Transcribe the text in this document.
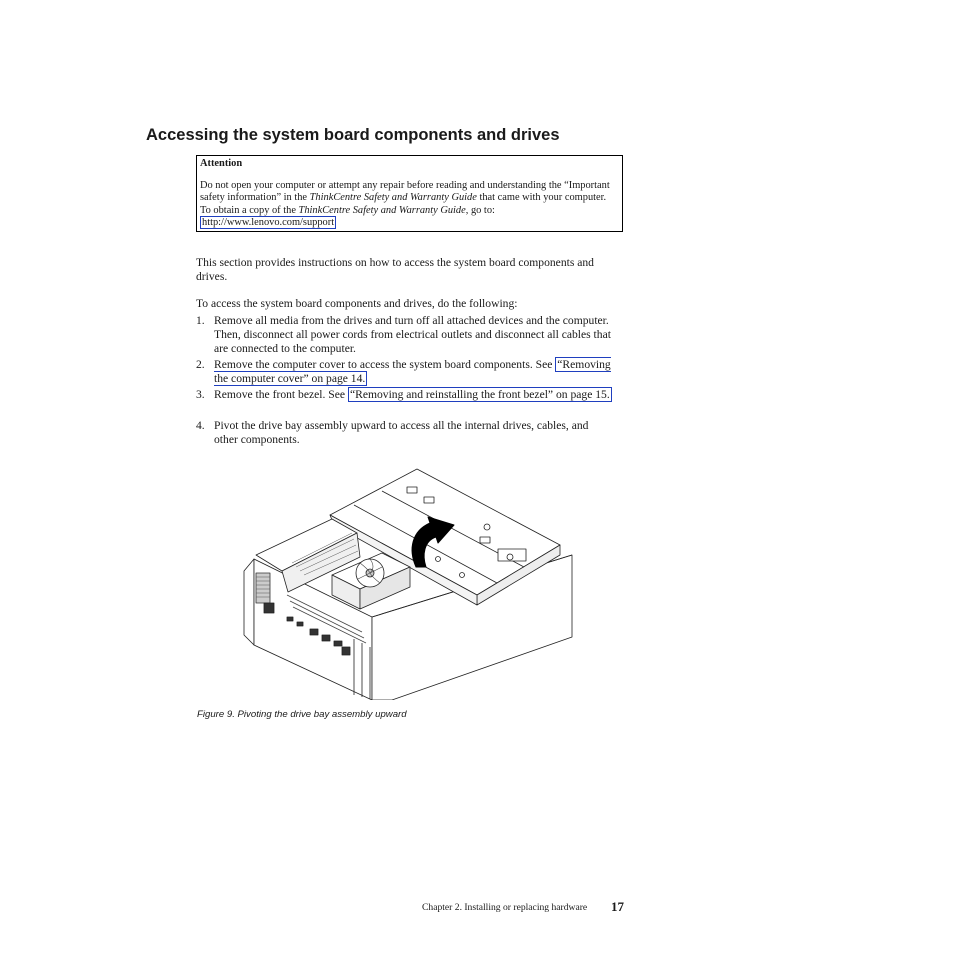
Accessing the system board components and drives
Attention
Do not open your computer or attempt any repair before reading and understanding the “Important safety information” in the ThinkCentre Safety and Warranty Guide that came with your computer. To obtain a copy of the ThinkCentre Safety and Warranty Guide, go to: http://www.lenovo.com/support

This section provides instructions on how to access the system board components and drives.

To access the system board components and drives, do the following:

1. Remove all media from the drives and turn off all attached devices and the computer. Then, disconnect all power cords from electrical outlets and disconnect all cables that are connected to the computer.
2. Remove the computer cover to access the system board components. See “Removing the computer cover” on page 14.
3. Remove the front bezel. See “Removing and reinstalling the front bezel” on page 15.
4. Pivot the drive bay assembly upward to access all the internal drives, cables, and other components.
Figure 9. Pivoting the drive bay assembly upward
Chapter 2. Installing or replacing hardware 17
